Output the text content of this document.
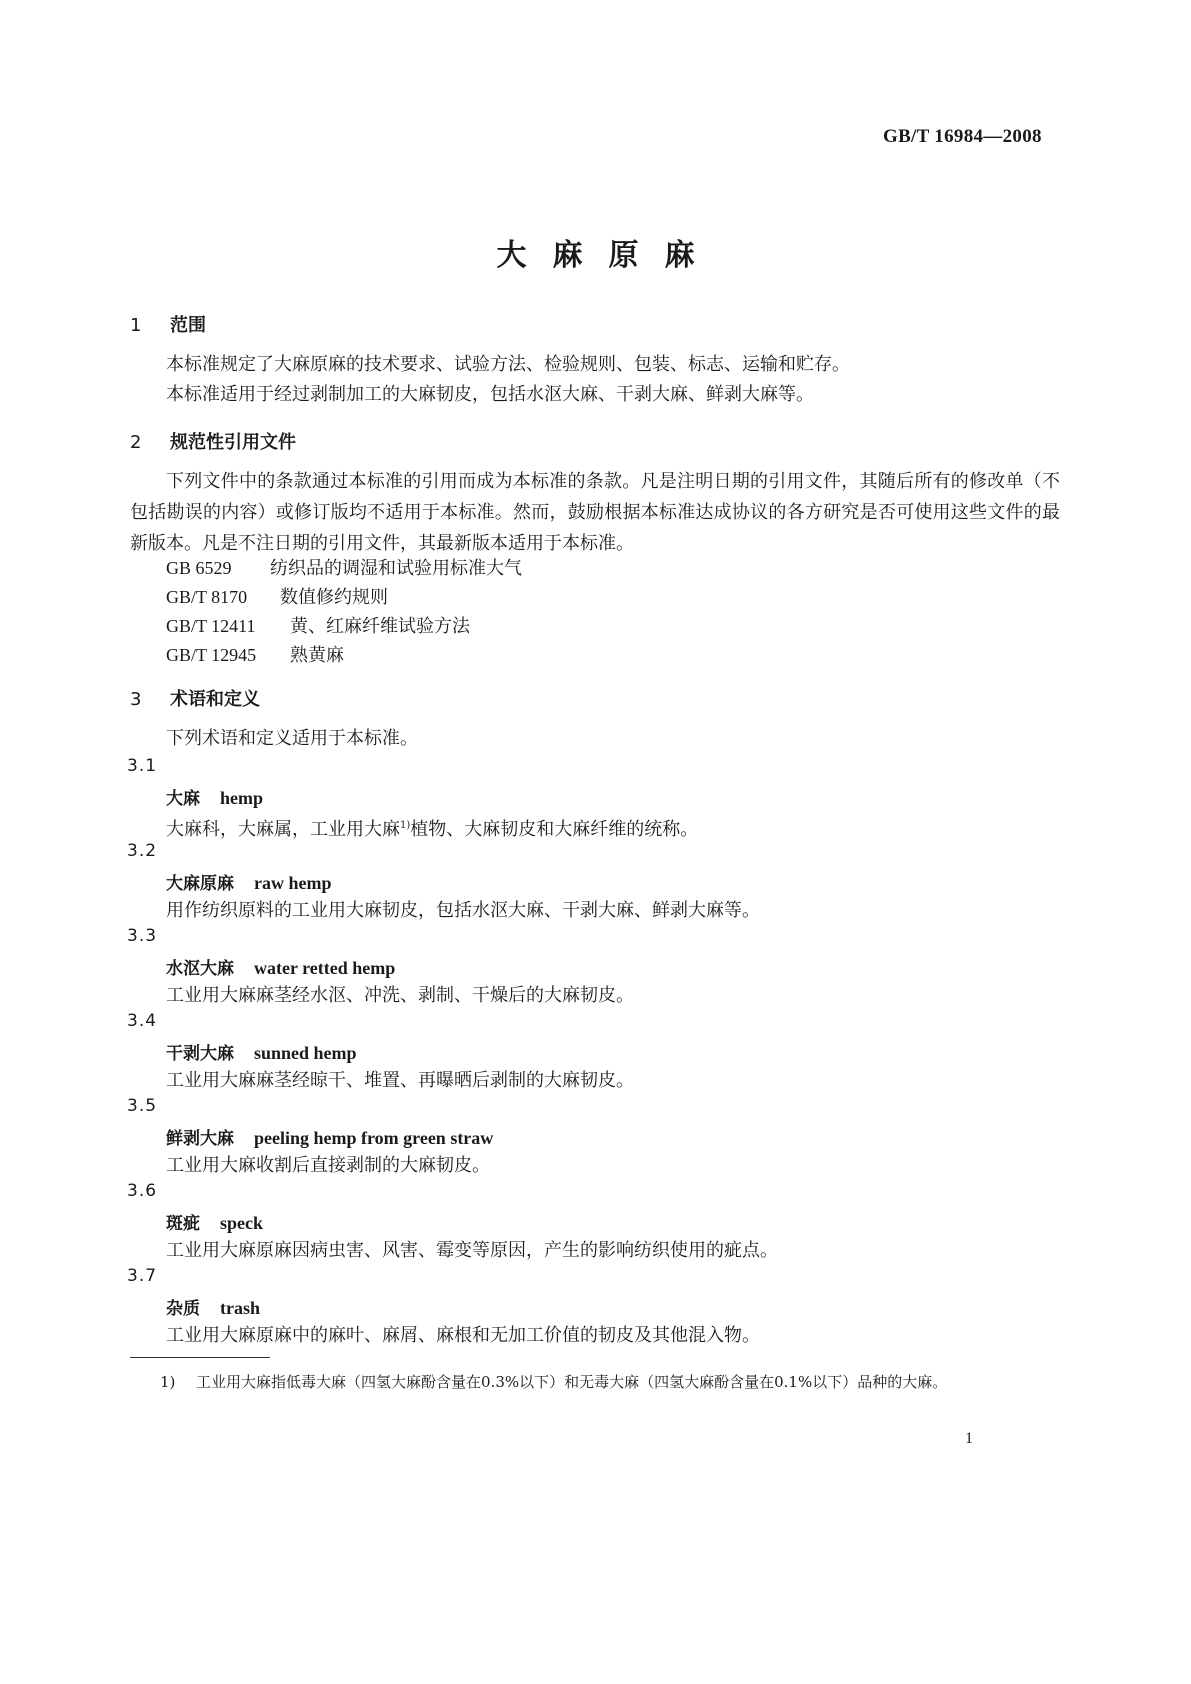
GB/T 16984—2008
大麻原麻
1 范围
本标准规定了大麻原麻的技术要求、试验方法、检验规则、包装、标志、运输和贮存。
本标准适用于经过剥制加工的大麻韧皮，包括水沤大麻、干剥大麻、鲜剥大麻等。
2 规范性引用文件
下列文件中的条款通过本标准的引用而成为本标准的条款。凡是注明日期的引用文件，其随后所有的修改单（不包括勘误的内容）或修订版均不适用于本标准。然而，鼓励根据本标准达成协议的各方研究是否可使用这些文件的最新版本。凡是不注日期的引用文件，其最新版本适用于本标准。
GB 6529 纺织品的调湿和试验用标准大气
GB/T 8170 数值修约规则
GB/T 12411 黄、红麻纤维试验方法
GB/T 12945 熟黄麻
3 术语和定义
下列术语和定义适用于本标准。
3.1
大麻 hemp
大麻科，大麻属，工业用大麻$^{1)}$植物、大麻韧皮和大麻纤维的统称。
3.2
大麻原麻 raw hemp
用作纺织原料的工业用大麻韧皮，包括水沤大麻、干剥大麻、鲜剥大麻等。
3.3
水沤大麻 water retted hemp
工业用大麻麻茎经水沤、冲洗、剥制、干燥后的大麻韧皮。
3.4
干剥大麻 sunned hemp
工业用大麻麻茎经晾干、堆置、再曝晒后剥制的大麻韧皮。
3.5
鲜剥大麻 peeling hemp from green straw
工业用大麻收割后直接剥制的大麻韧皮。
3.6
斑疵 speck
工业用大麻原麻因病虫害、风害、霉变等原因，产生的影响纺织使用的疵点。
3.7
杂质 trash
工业用大麻原麻中的麻叶、麻屑、麻根和无加工价值的韧皮及其他混入物。
1) 工业用大麻指低毒大麻（四氢大麻酚含量在0.3%以下）和无毒大麻（四氢大麻酚含量在0.1%以下）品种的大麻。
1
